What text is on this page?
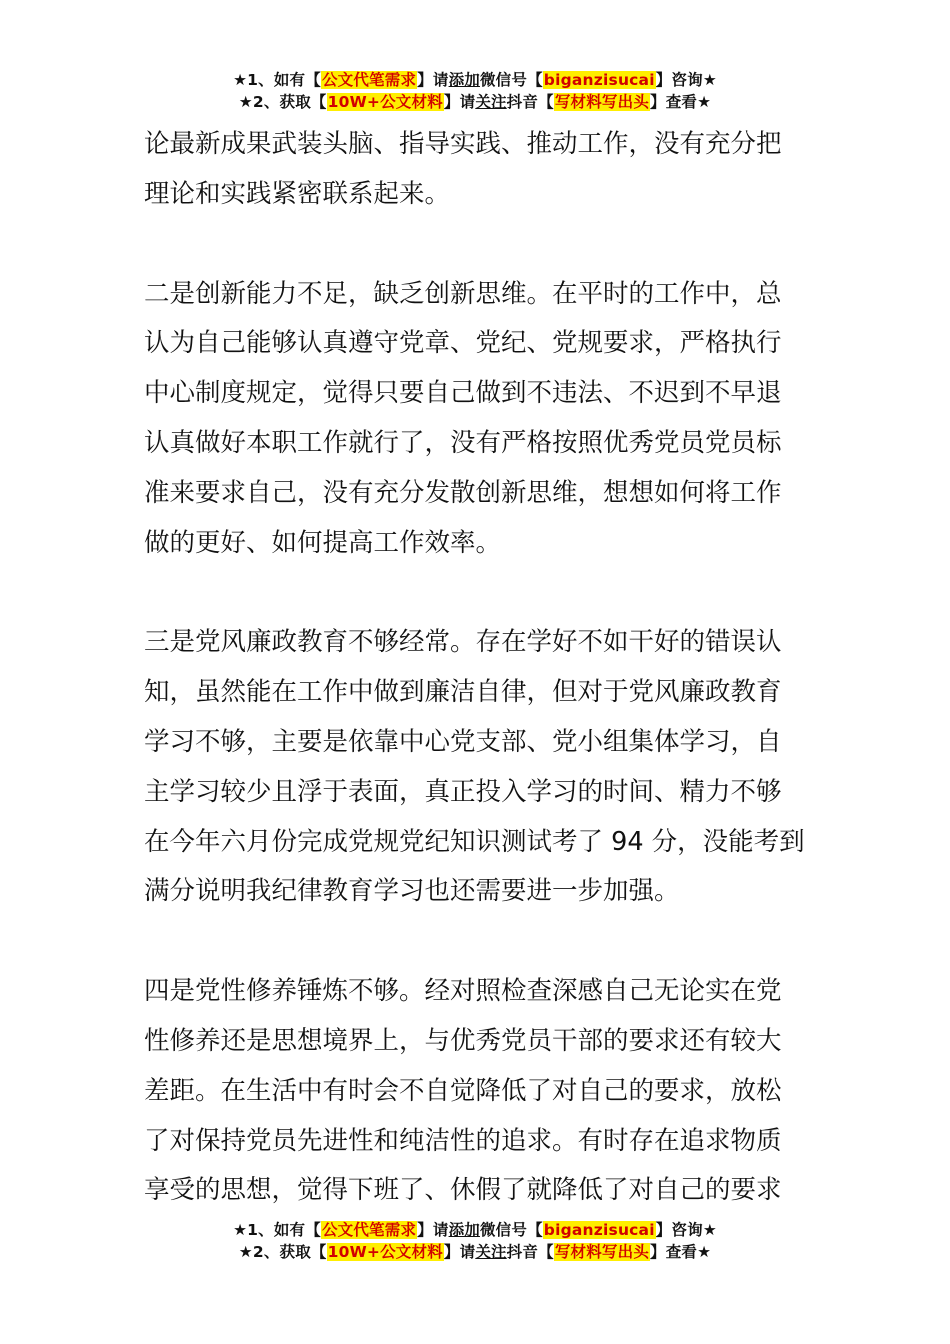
★1、如有【公文代笔需求】请添加微信号【biganzisucai】咨询★
★2、获取【10W+公文材料】请关注抖音【写材料写出头】查看★

论最新成果武装头脑、指导实践、推动工作，没有充分把
理论和实践紧密联系起来。

二是创新能力不足，缺乏创新思维。在平时的工作中，总
认为自己能够认真遵守党章、党纪、党规要求，严格执行
中心制度规定，觉得只要自己做到不违法、不迟到不早退
认真做好本职工作就行了，没有严格按照优秀党员党员标
准来要求自己，没有充分发散创新思维，想想如何将工作
做的更好、如何提高工作效率。

三是党风廉政教育不够经常。存在学好不如干好的错误认
知，虽然能在工作中做到廉洁自律，但对于党风廉政教育
学习不够，主要是依靠中心党支部、党小组集体学习，自
主学习较少且浮于表面，真正投入学习的时间、精力不够
在今年六月份完成党规党纪知识测试考了 94 分，没能考到
满分说明我纪律教育学习也还需要进一步加强。

四是党性修养锤炼不够。经对照检查深感自己无论实在党
性修养还是思想境界上，与优秀党员干部的要求还有较大
差距。在生活中有时会不自觉降低了对自己的要求，放松
了对保持党员先进性和纯洁性的追求。有时存在追求物质
享受的思想，觉得下班了、休假了就降低了对自己的要求

★1、如有【公文代笔需求】请添加微信号【biganzisucai】咨询★
★2、获取【10W+公文材料】请关注抖音【写材料写出头】查看★
